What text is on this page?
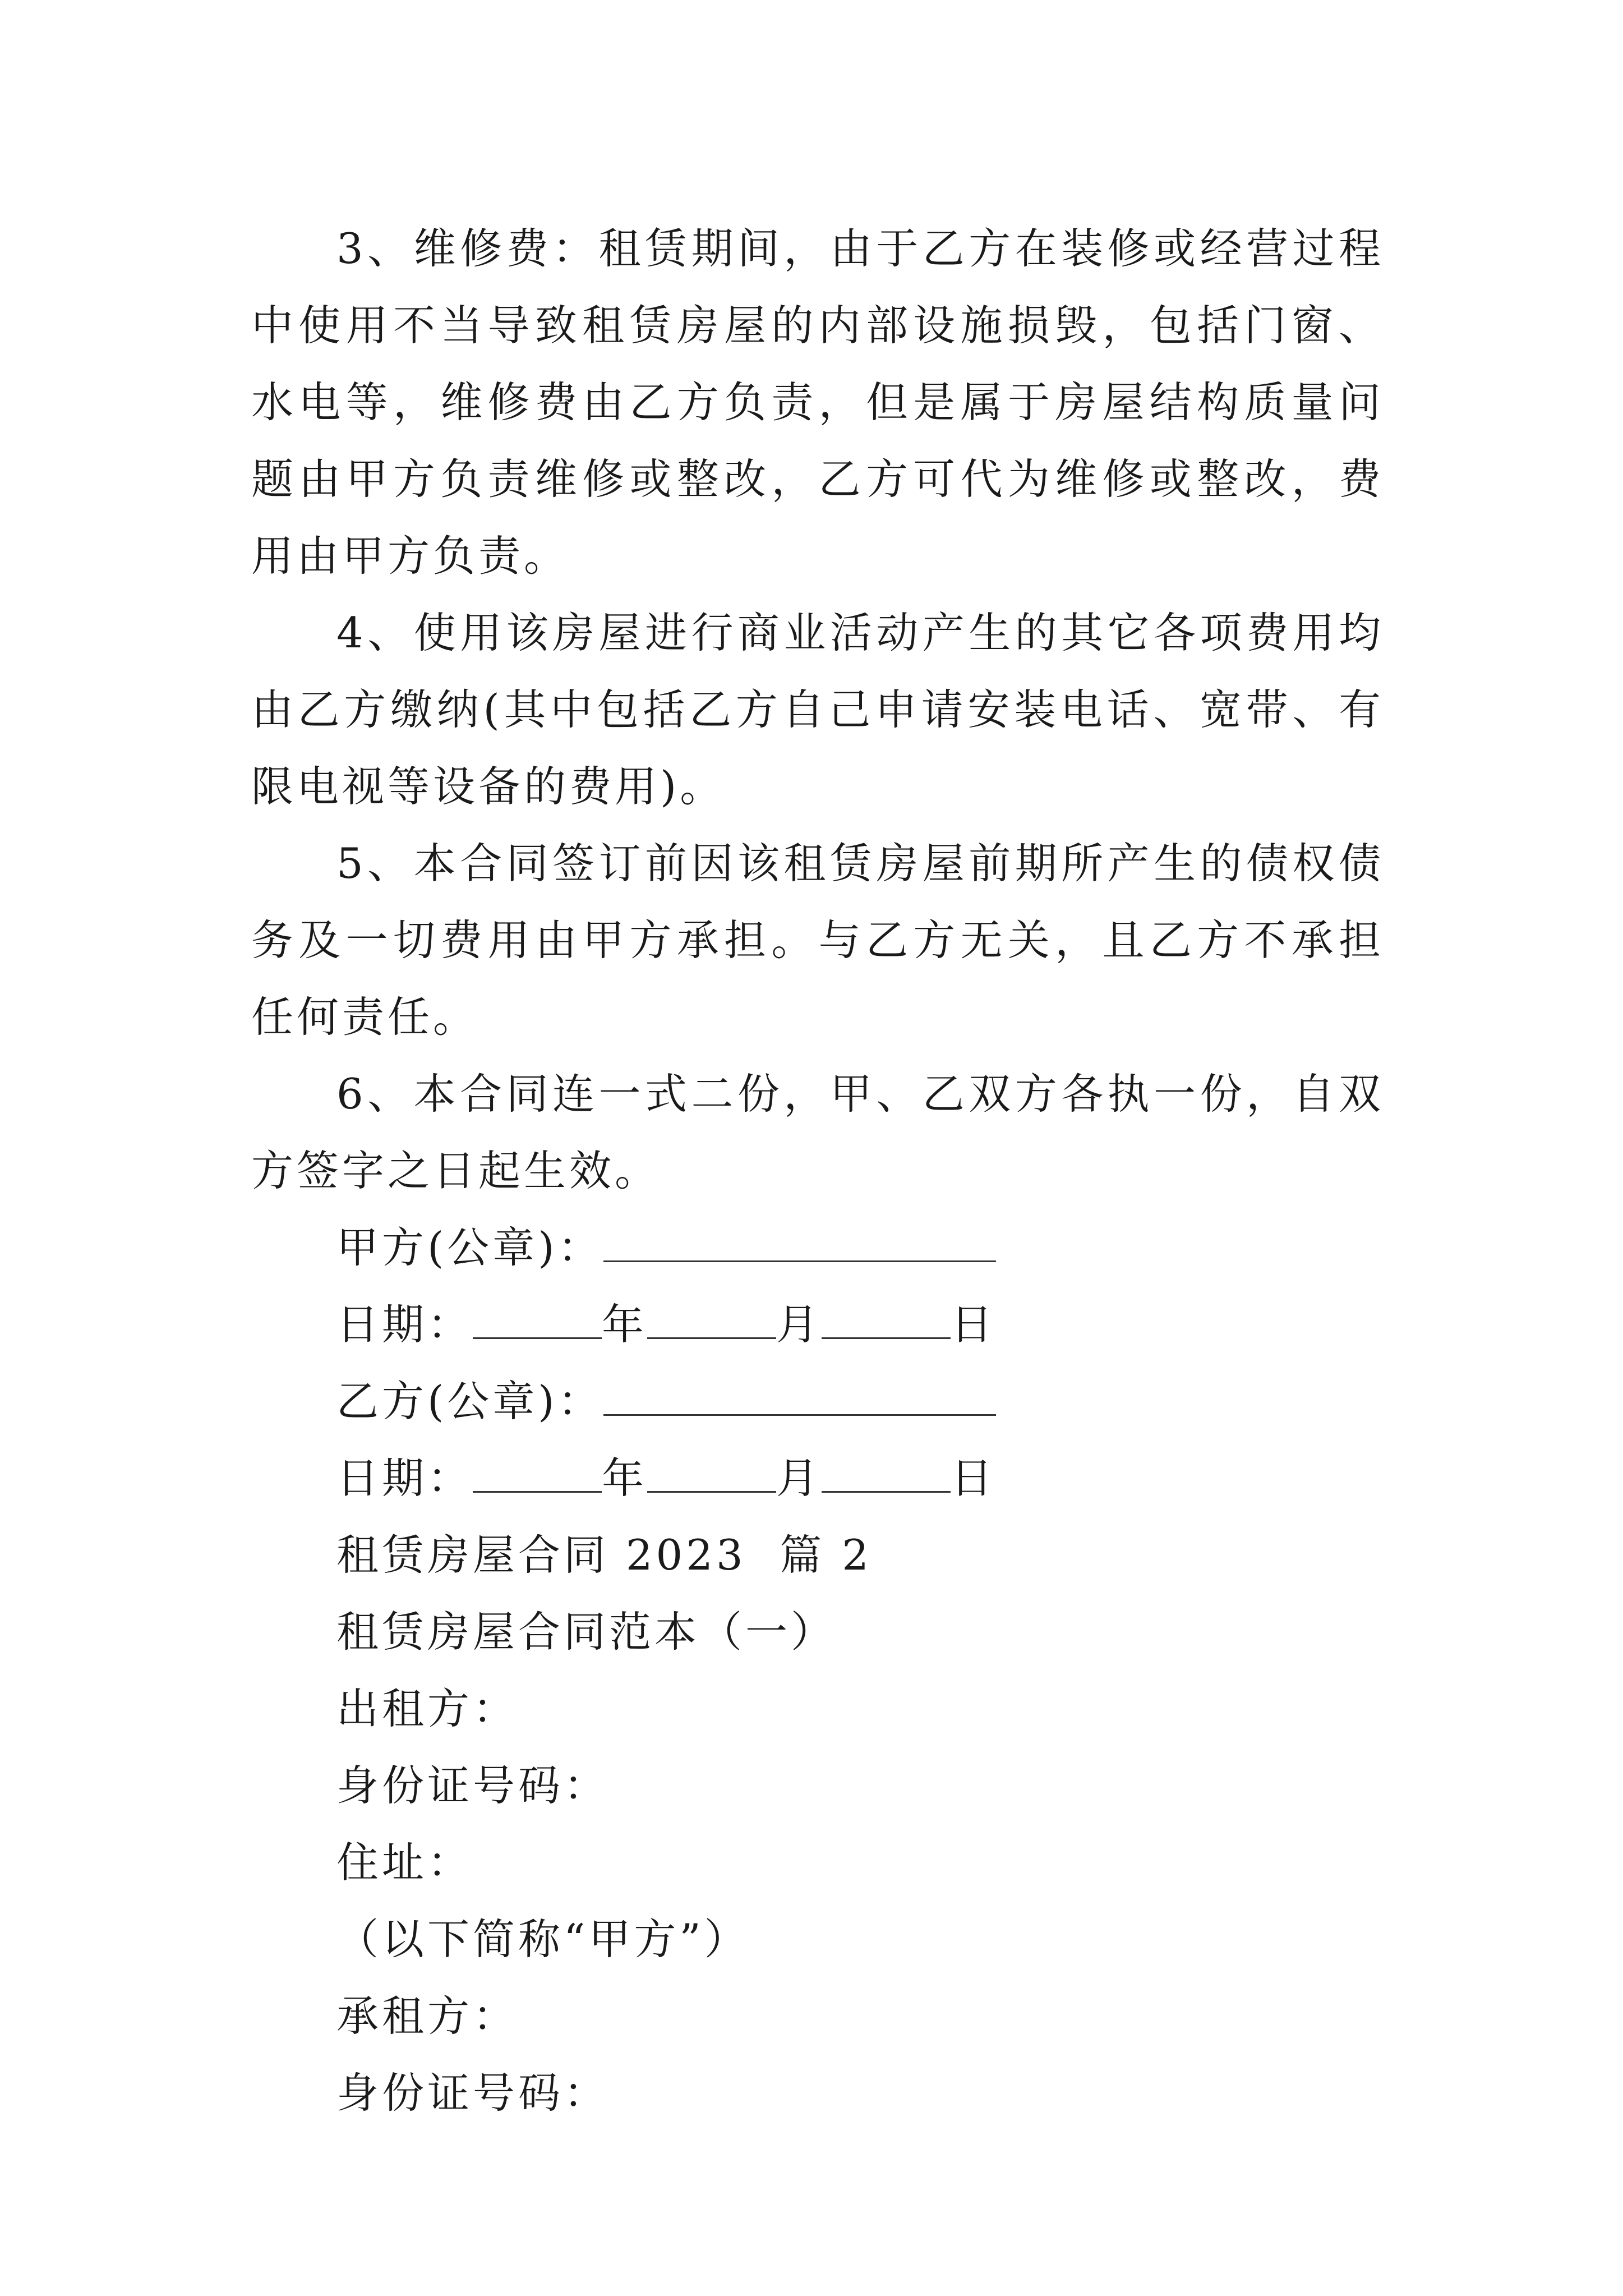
3、维修费：租赁期间，由于乙方在装修或经营过程中使用不当导致租赁房屋的内部设施损毁，包括门窗、水电等，维修费由乙方负责，但是属于房屋结构质量问题由甲方负责维修或整改，乙方可代为维修或整改，费用由甲方负责。

4、使用该房屋进行商业活动产生的其它各项费用均由乙方缴纳(其中包括乙方自己申请安装电话、宽带、有限电视等设备的费用)。

5、本合同签订前因该租赁房屋前期所产生的债权债务及一切费用由甲方承担。与乙方无关，且乙方不承担任何责任。

6、本合同连一式二份，甲、乙双方各执一份，自双方签字之日起生效。

甲方(公章)：
日期：	年	月	日
乙方(公章)：
日期：	年	月	日
租赁房屋合同 2023  篇 2
租赁房屋合同范本（一）
出租方：
身份证号码：
住址：
（以下简称“甲方”）
承租方：
身份证号码：
